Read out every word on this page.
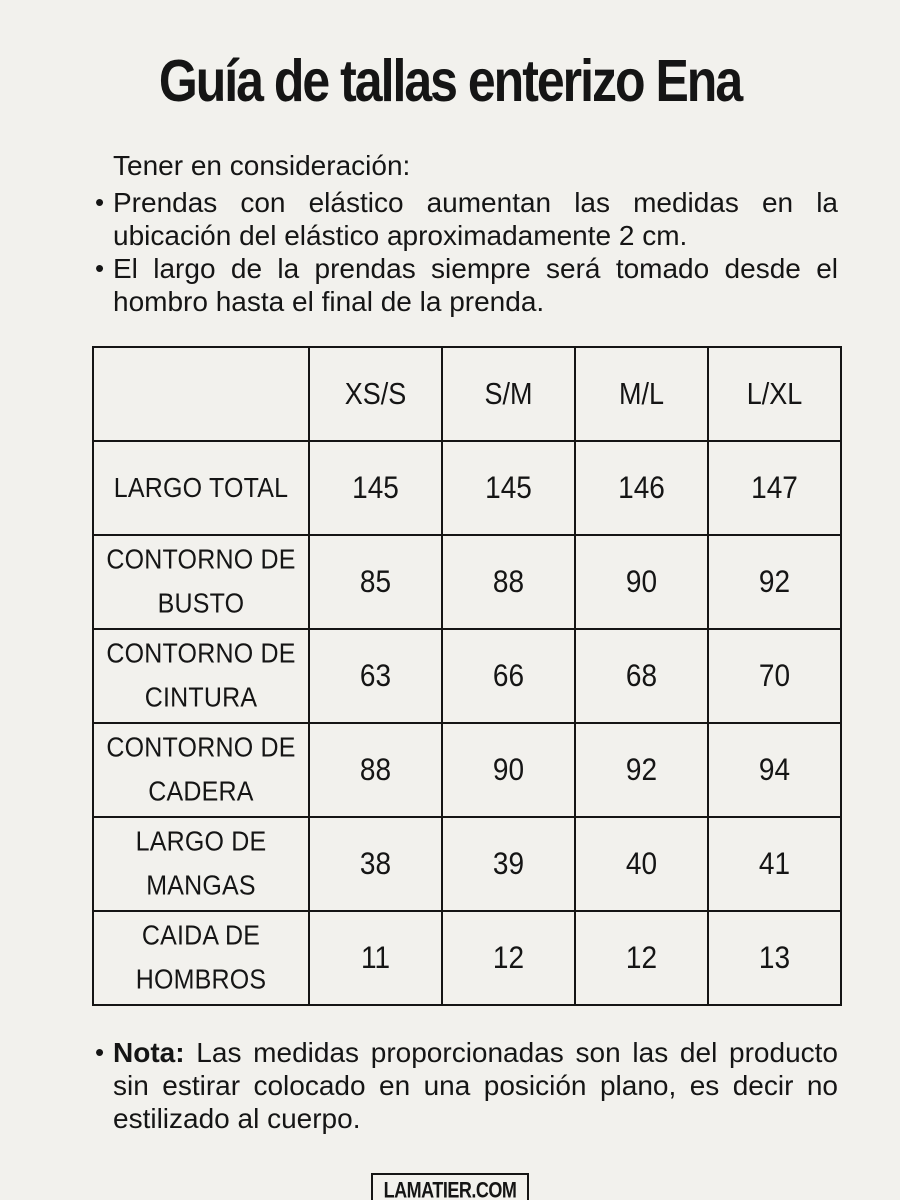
Guía de tallas enterizo Ena

Tener en consideración:

• Prendas con elástico aumentan las medidas en la ubicación del elástico aproximadamente 2 cm.
• El largo de la prendas siempre será tomado desde el hombro hasta el final de la prenda.
	XS/S	S/M	M/L	L/XL
LARGO TOTAL	145	145	146	147
CONTORNO DE BUSTO	85	88	90	92
CONTORNO DE CINTURA	63	66	68	70
CONTORNO DE CADERA	88	90	92	94
LARGO DE MANGAS	38	39	40	41
CAIDA DE HOMBROS	11	12	12	13
• Nota: Las medidas proporcionadas son las del producto sin estirar colocado en una posición plano, es decir no estilizado al cuerpo.

LAMATIER.COM
